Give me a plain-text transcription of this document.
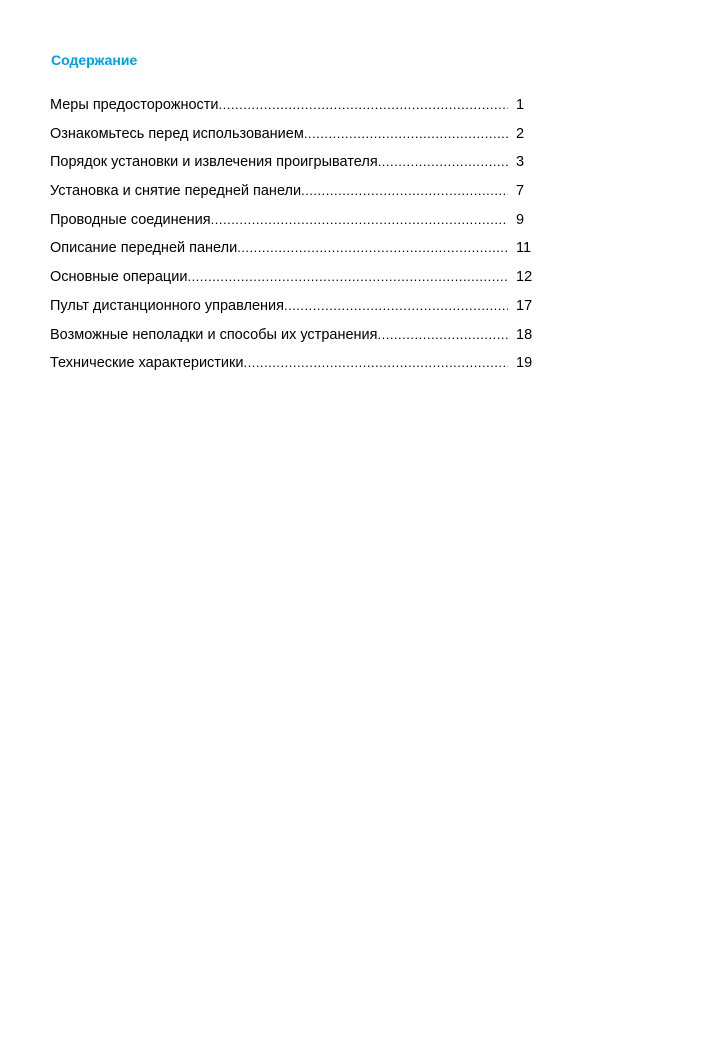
Содержание
Меры предосторожности .....	1
Ознакомьтесь перед использованием .....	2
Порядок установки и извлечения проигрывателя .....	3
Установка и снятие передней панели .....	7
Проводные соединения .....	9
Описание передней панели .....	11
Основные операции .....	12
Пульт дистанционного управления .....	17
Возможные неполадки и способы их устранения .....	18
Технические характеристики .....	19
